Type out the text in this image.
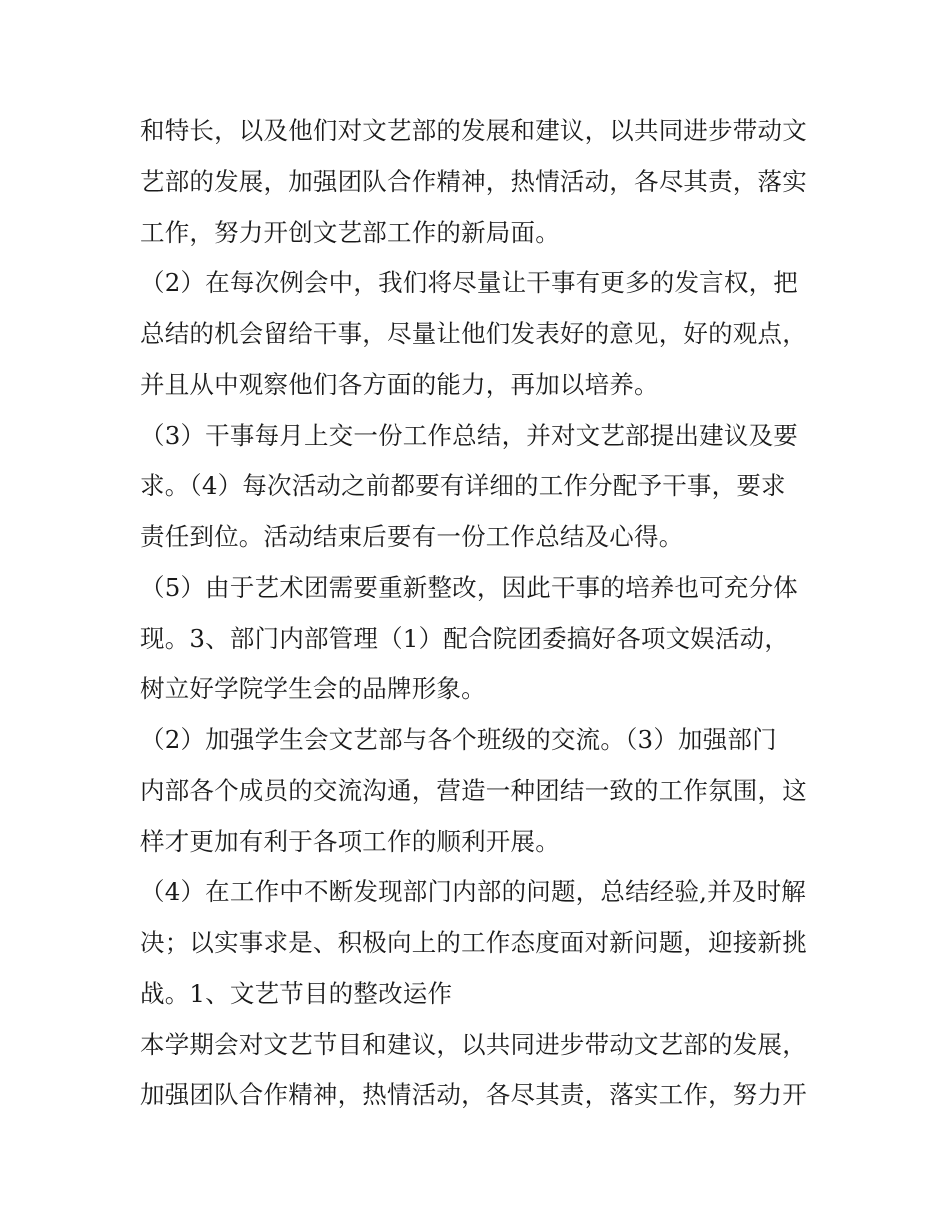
和特长，以及他们对文艺部的发展和建议，以共同进步带动文
艺部的发展，加强团队合作精神，热情活动，各尽其责，落实
工作，努力开创文艺部工作的新局面。
（2）在每次例会中，我们将尽量让干事有更多的发言权，把
总结的机会留给干事，尽量让他们发表好的意见，好的观点，
并且从中观察他们各方面的能力，再加以培养。
（3）干事每月上交一份工作总结，并对文艺部提出建议及要
求。（4）每次活动之前都要有详细的工作分配予干事，要求
责任到位。活动结束后要有一份工作总结及心得。
（5）由于艺术团需要重新整改，因此干事的培养也可充分体
现。3、部门内部管理（1）配合院团委搞好各项文娱活动，
树立好学院学生会的品牌形象。
（2）加强学生会文艺部与各个班级的交流。（3）加强部门
内部各个成员的交流沟通，营造一种团结一致的工作氛围，这
样才更加有利于各项工作的顺利开展。
（4）在工作中不断发现部门内部的问题，总结经验,并及时解
决；以实事求是、积极向上的工作态度面对新问题，迎接新挑
战。1、文艺节目的整改运作
本学期会对文艺节目和建议，以共同进步带动文艺部的发展，
加强团队合作精神，热情活动，各尽其责，落实工作，努力开
